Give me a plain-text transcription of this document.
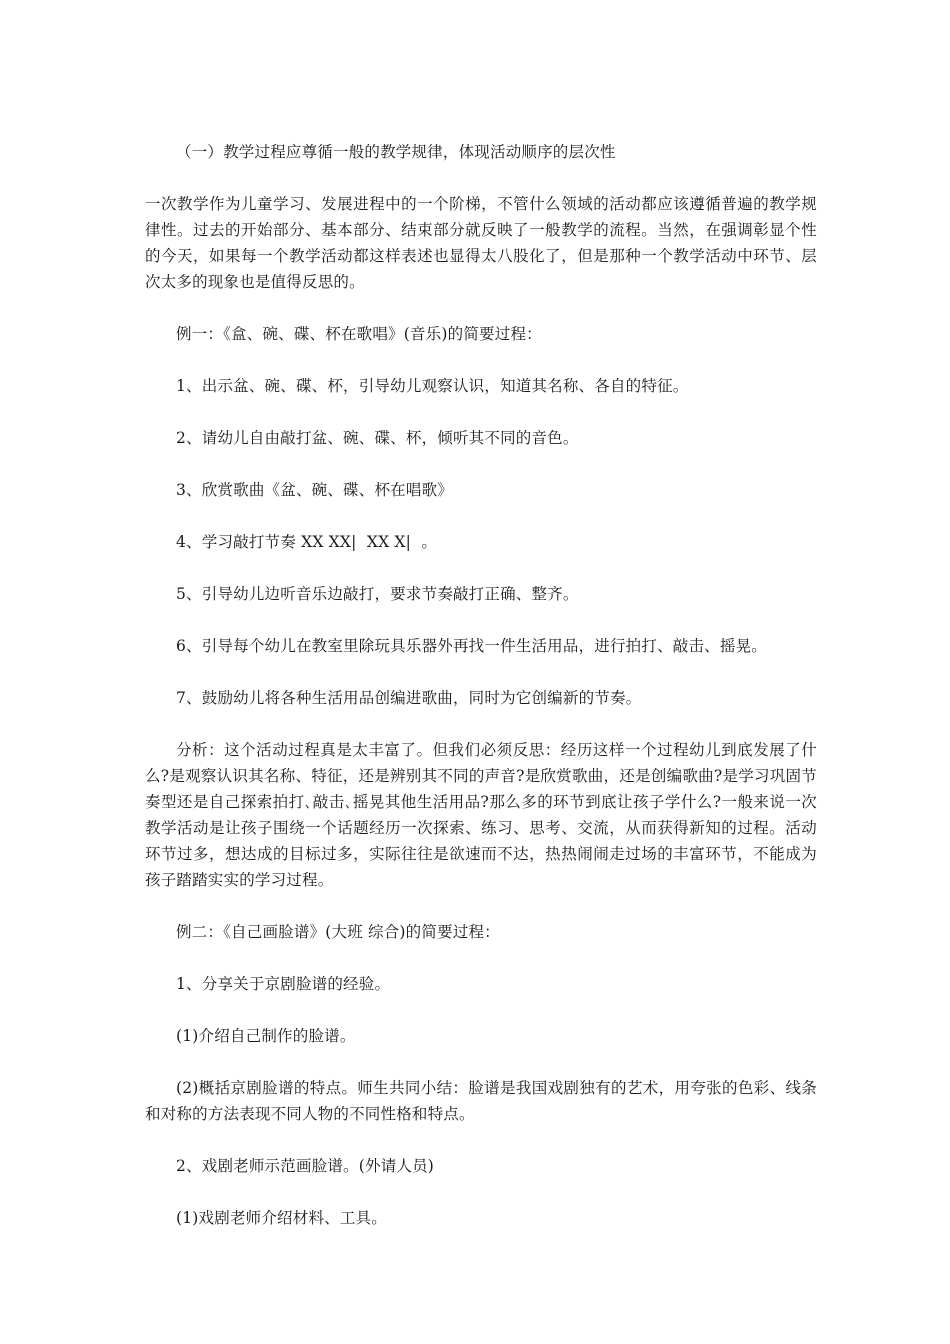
（一）教学过程应尊循一般的教学规律，体现活动顺序的层次性

一次教学作为儿童学习、发展进程中的一个阶梯，不管什么领域的活动都应该遵循普遍的教学规律性。过去的开始部分、基本部分、结束部分就反映了一般教学的流程。当然，在强调彰显个性的今天，如果每一个教学活动都这样表述也显得太八股化了，但是那种一个教学活动中环节、层次太多的现象也是值得反思的。

例一：《盒、碗、碟、杯在歌唱》(音乐)的简要过程：

1、出示盆、碗、碟、杯，引导幼儿观察认识，知道其名称、各自的特征。

2、请幼儿自由敲打盆、碗、碟、杯，倾听其不同的音色。

3、欣赏歌曲《盆、碗、碟、杯在唱歌》

4、学习敲打节奏 XX XX|  XX X|  。

5、引导幼儿边听音乐边敲打，要求节奏敲打正确、整齐。

6、引导每个幼儿在教室里除玩具乐器外再找一件生活用品，进行拍打、敲击、摇晃。

7、鼓励幼儿将各种生活用品创编进歌曲，同时为它创编新的节奏。

分析：这个活动过程真是太丰富了。但我们必须反思：经历这样一个过程幼儿到底发展了什么?是观察认识其名称、特征，还是辨别其不同的声音?是欣赏歌曲，还是创编歌曲?是学习巩固节奏型还是自己探索拍打､敲击､摇晃其他生活用品?那么多的环节到底让孩子学什么?一般来说一次教学活动是让孩子围绕一个话题经历一次探索、练习、思考、交流，从而获得新知的过程。活动环节过多，想达成的目标过多，实际往往是欲速而不达，热热闹闹走过场的丰富环节，不能成为孩子踏踏实实的学习过程。

例二：《自己画脸谱》(大班 综合)的简要过程：

1、分享关于京剧脸谱的经验。

(1)介绍自己制作的脸谱。

(2)概括京剧脸谱的特点。师生共同小结：脸谱是我国戏剧独有的艺术，用夸张的色彩、线条和对称的方法表现不同人物的不同性格和特点。

2、戏剧老师示范画脸谱。(外请人员)

(1)戏剧老师介绍材料、工具。
